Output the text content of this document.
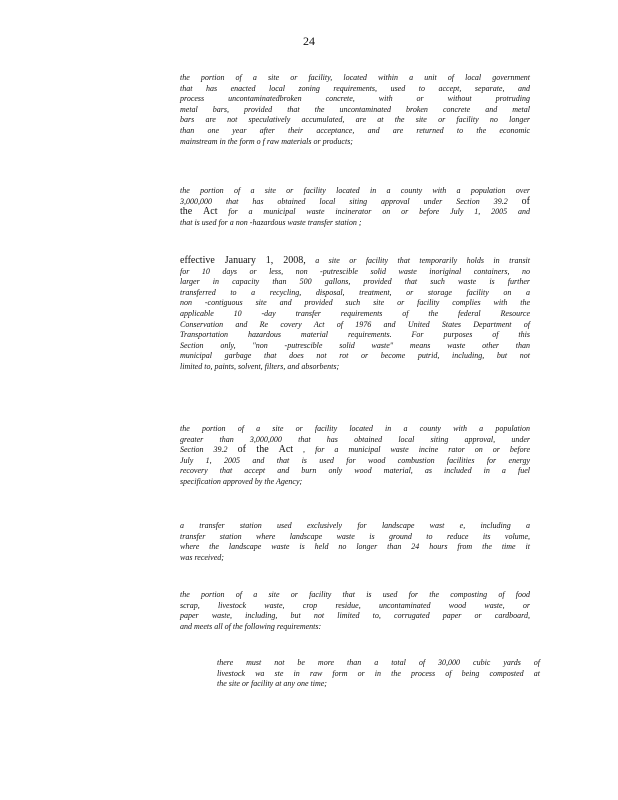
24
the portion of a site or facility, located within a unit of local government
that has enacted local zoning requirements, used to accept, separate, and
process uncontaminatedbroken concrete, with or without protruding
metal bars, provided that the uncontaminated broken concrete and metal
bars are not speculatively accumulated, are at the site or facility no longer
than one year after their acceptance, and are returned to the economic
mainstream in the form o f raw materials or products;
the portion of a site or facility located in a county with a population over
3,000,000 that has obtained local siting approval under Section 39.2 of
the Act for a municipal waste incinerator on or before July 1, 2005 and
that is used for a non -hazardous waste transfer station ;
effective January 1, 2008, a site or facility that temporarily holds in transit
for 10 days or less, non -putrescible solid waste inoriginal containers, no
larger in capacity than 500 gallons, provided that such waste is further
transferred to a recycling, disposal, treatment, or storage facility on a
non -contiguous site and provided such site or facility complies with the
applicable 10 -day transfer requirements of the federal Resource
Conservation and Re covery Act of 1976 and United States Department of
Transportation hazardous material requirements. For purposes of this
Section only, "non -putrescible solid waste" means waste other than
municipal garbage that does not rot or become putrid, including, but not
limited to, paints, solvent, filters, and absorbents;
the portion of a site or facility located in a county with a population
greater than 3,000,000 that has obtained local siting approval, under
Section 39.2 of the Act , for a municipal waste incine rator on or before
July 1, 2005 and that is used for wood combustion facilities for energy
recovery that accept and burn only wood material, as included in a fuel
specification approved by the Agency;
a transfer station used exclusively for landscape wast e, including a
transfer station where landscape waste is ground to reduce its volume,
where the landscape waste is held no longer than 24 hours from the time it
was received;
the portion of a site or facility that is used for the composting of food
scrap, livestock waste, crop residue, uncontaminated wood waste, or
paper waste, including, but not limited to, corrugated paper or cardboard,
and meets all of the following requirements:
there must not be more than a total of 30,000 cubic yards of
livestock wa ste in raw form or in the process of being composted at
the site or facility at any one time;
